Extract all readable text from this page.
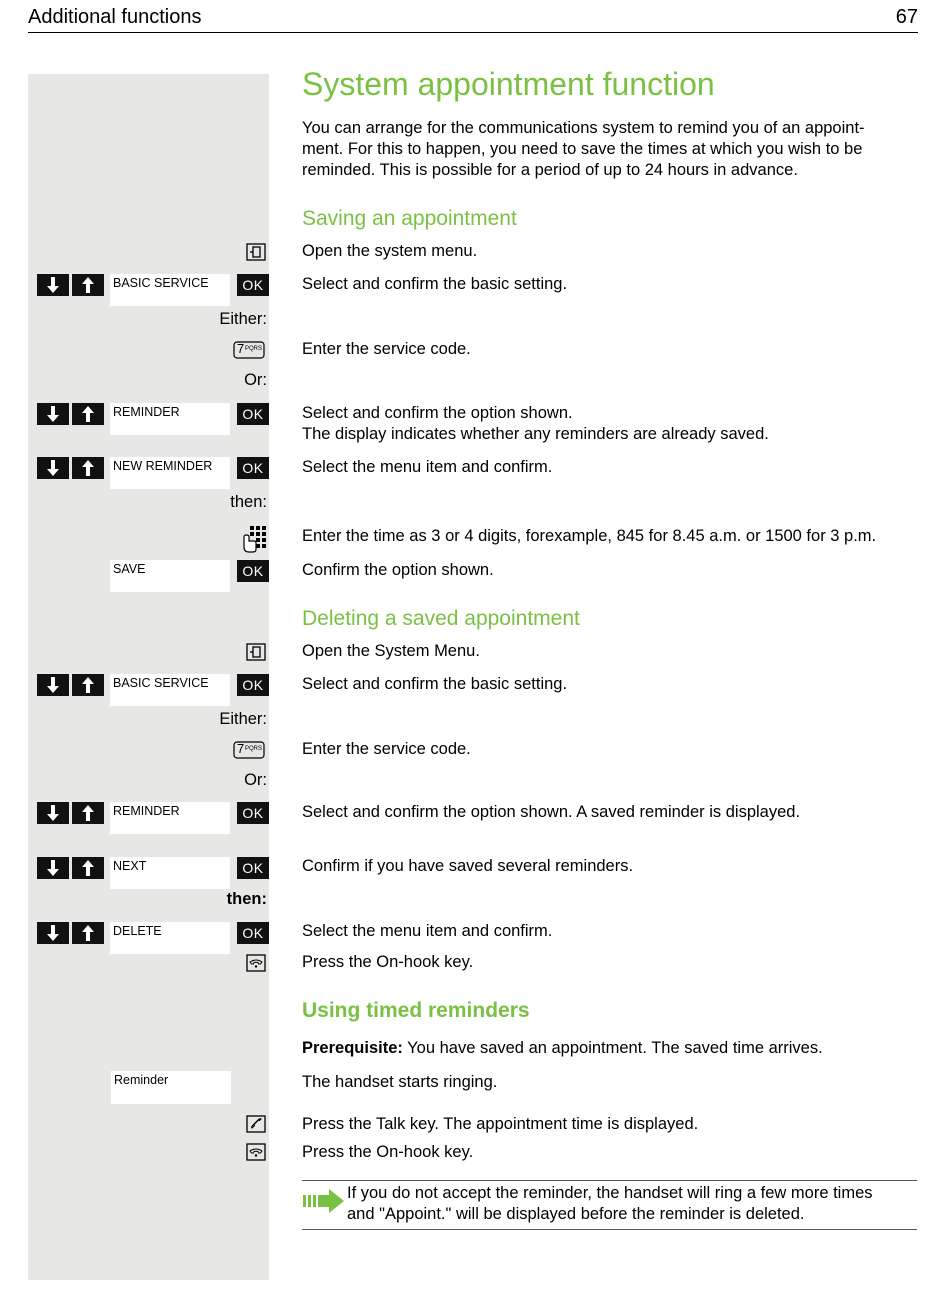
Additional functions	67
System appointment function
You can arrange for the communications system to remind you of an appoint-
ment. For this to happen, you need to save the times at which you wish to be
reminded. This is possible for a period of up to 24 hours in advance.
Saving an appointment
Open the system menu.
BASIC SERVICE	OK	Select and confirm the basic setting.
Either:
7 PQRS Enter the service code.
Or:
REMINDER	OK	Select and confirm the option shown.
The display indicates whether any reminders are already saved.
NEW REMINDER	OK	Select the menu item and confirm.
then:
Enter the time as 3 or 4 digits, forexample, 845 for 8.45 a.m. or 1500 for 3 p.m.
SAVE	OK	Confirm the option shown.
Deleting a saved appointment
Open the System Menu.
BASIC SERVICE	OK	Select and confirm the basic setting.
Either:
7 PQRS Enter the service code.
Or:
REMINDER	OK	Select and confirm the option shown. A saved reminder is displayed.
NEXT	OK	Confirm if you have saved several reminders.
then:
DELETE	OK	Select the menu item and confirm.
Press the On-hook key.
Using timed reminders
Prerequisite: You have saved an appointment. The saved time arrives.
Reminder	The handset starts ringing.
Press the Talk key. The appointment time is displayed.
Press the On-hook key.
If you do not accept the reminder, the handset will ring a few more times
and "Appoint." will be displayed before the reminder is deleted.
